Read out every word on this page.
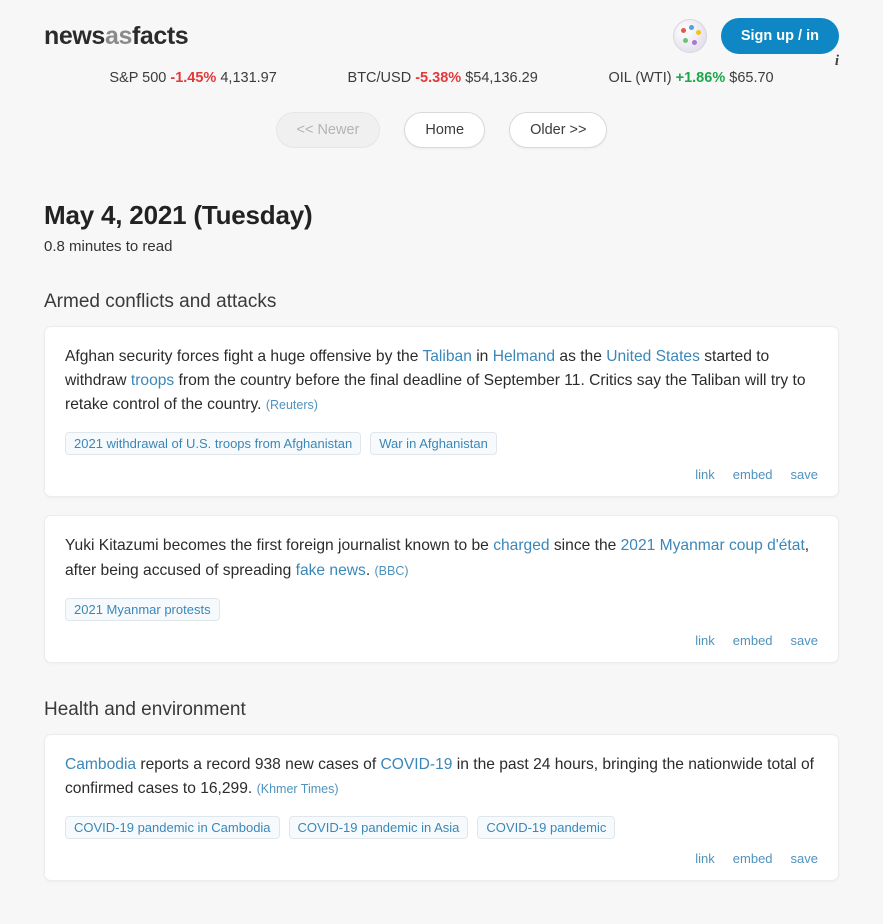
newsasfacts	Sign up / in
i
S&P 500 -1.45% 4,131.97	BTC/USD -5.38% $54,136.29	OIL (WTI) +1.86% $65.70
<< Newer	Home	Older >>
May 4, 2021 (Tuesday)
0.8 minutes to read
Armed conflicts and attacks
Afghan security forces fight a huge offensive by the Taliban in Helmand as the United States started to withdraw troops from the country before the final deadline of September 11. Critics say the Taliban will try to retake control of the country. (Reuters)
2021 withdrawal of U.S. troops from Afghanistan	War in Afghanistan
link embed save
Yuki Kitazumi becomes the first foreign journalist known to be charged since the 2021 Myanmar coup d'état, after being accused of spreading fake news. (BBC)
2021 Myanmar protests
link embed save
Health and environment
Cambodia reports a record 938 new cases of COVID-19 in the past 24 hours, bringing the nationwide total of confirmed cases to 16,299. (Khmer Times)
COVID-19 pandemic in Cambodia	COVID-19 pandemic in Asia	COVID-19 pandemic
link embed save
